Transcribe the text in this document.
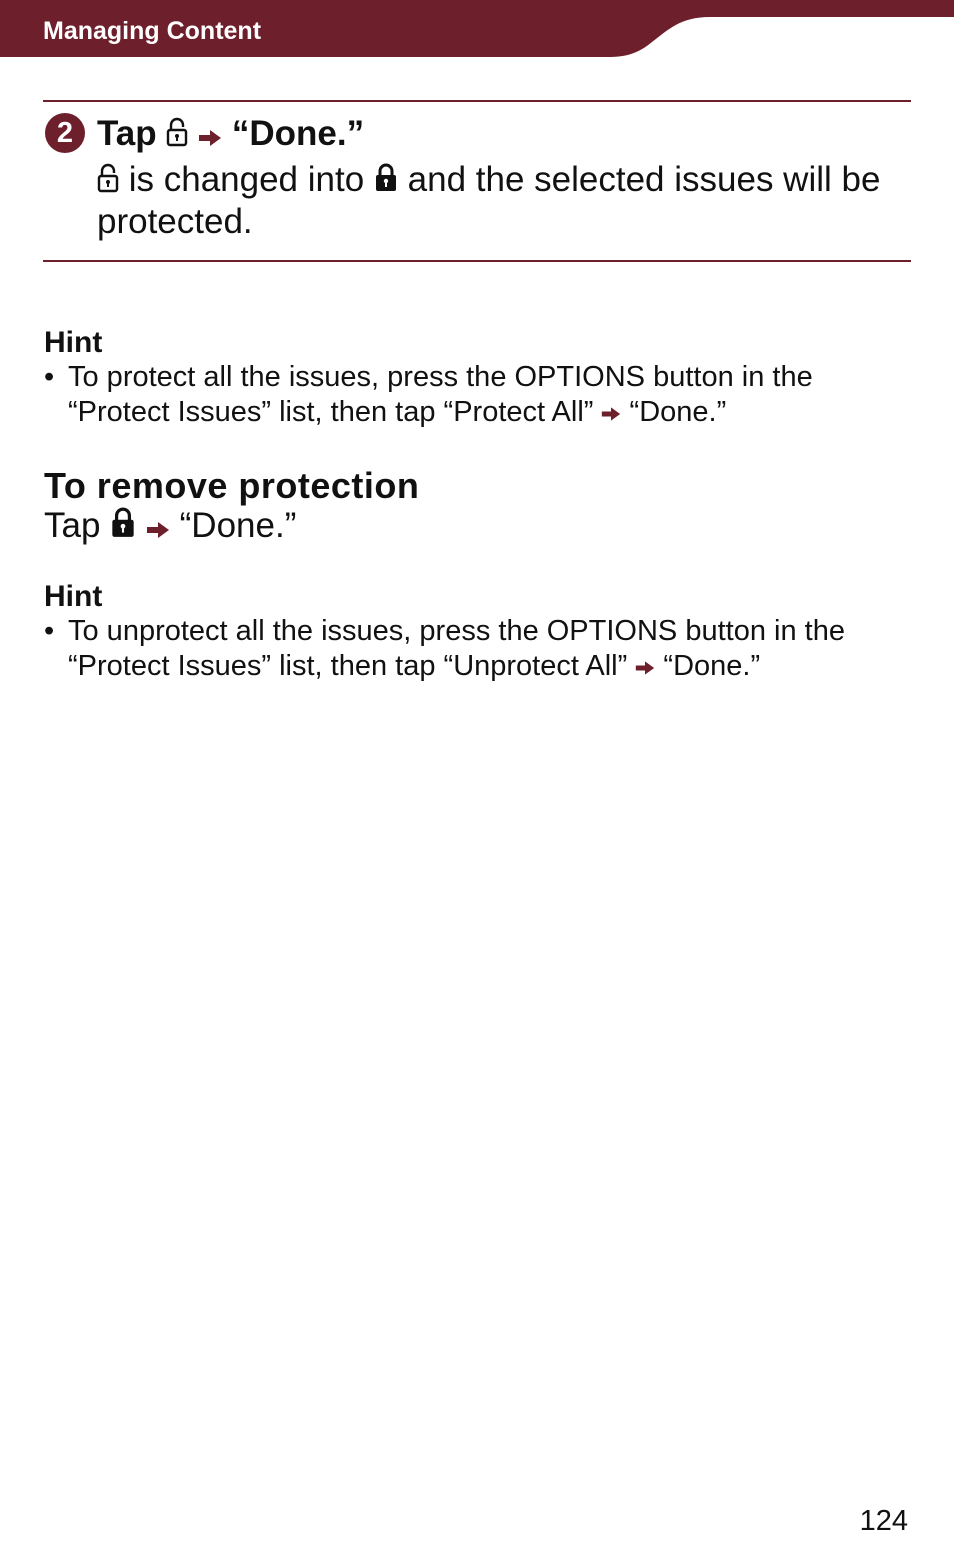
Managing Content
2 Tap “Done.”
is changed into and the selected issues will be protected.
Hint
• To protect all the issues, press the OPTIONS button in the
“Protect Issues” list, then tap “Protect All” “Done.”
To remove protection
Tap “Done.”
Hint
• To unprotect all the issues, press the OPTIONS button in the
“Protect Issues” list, then tap “Unprotect All” “Done.”
124
